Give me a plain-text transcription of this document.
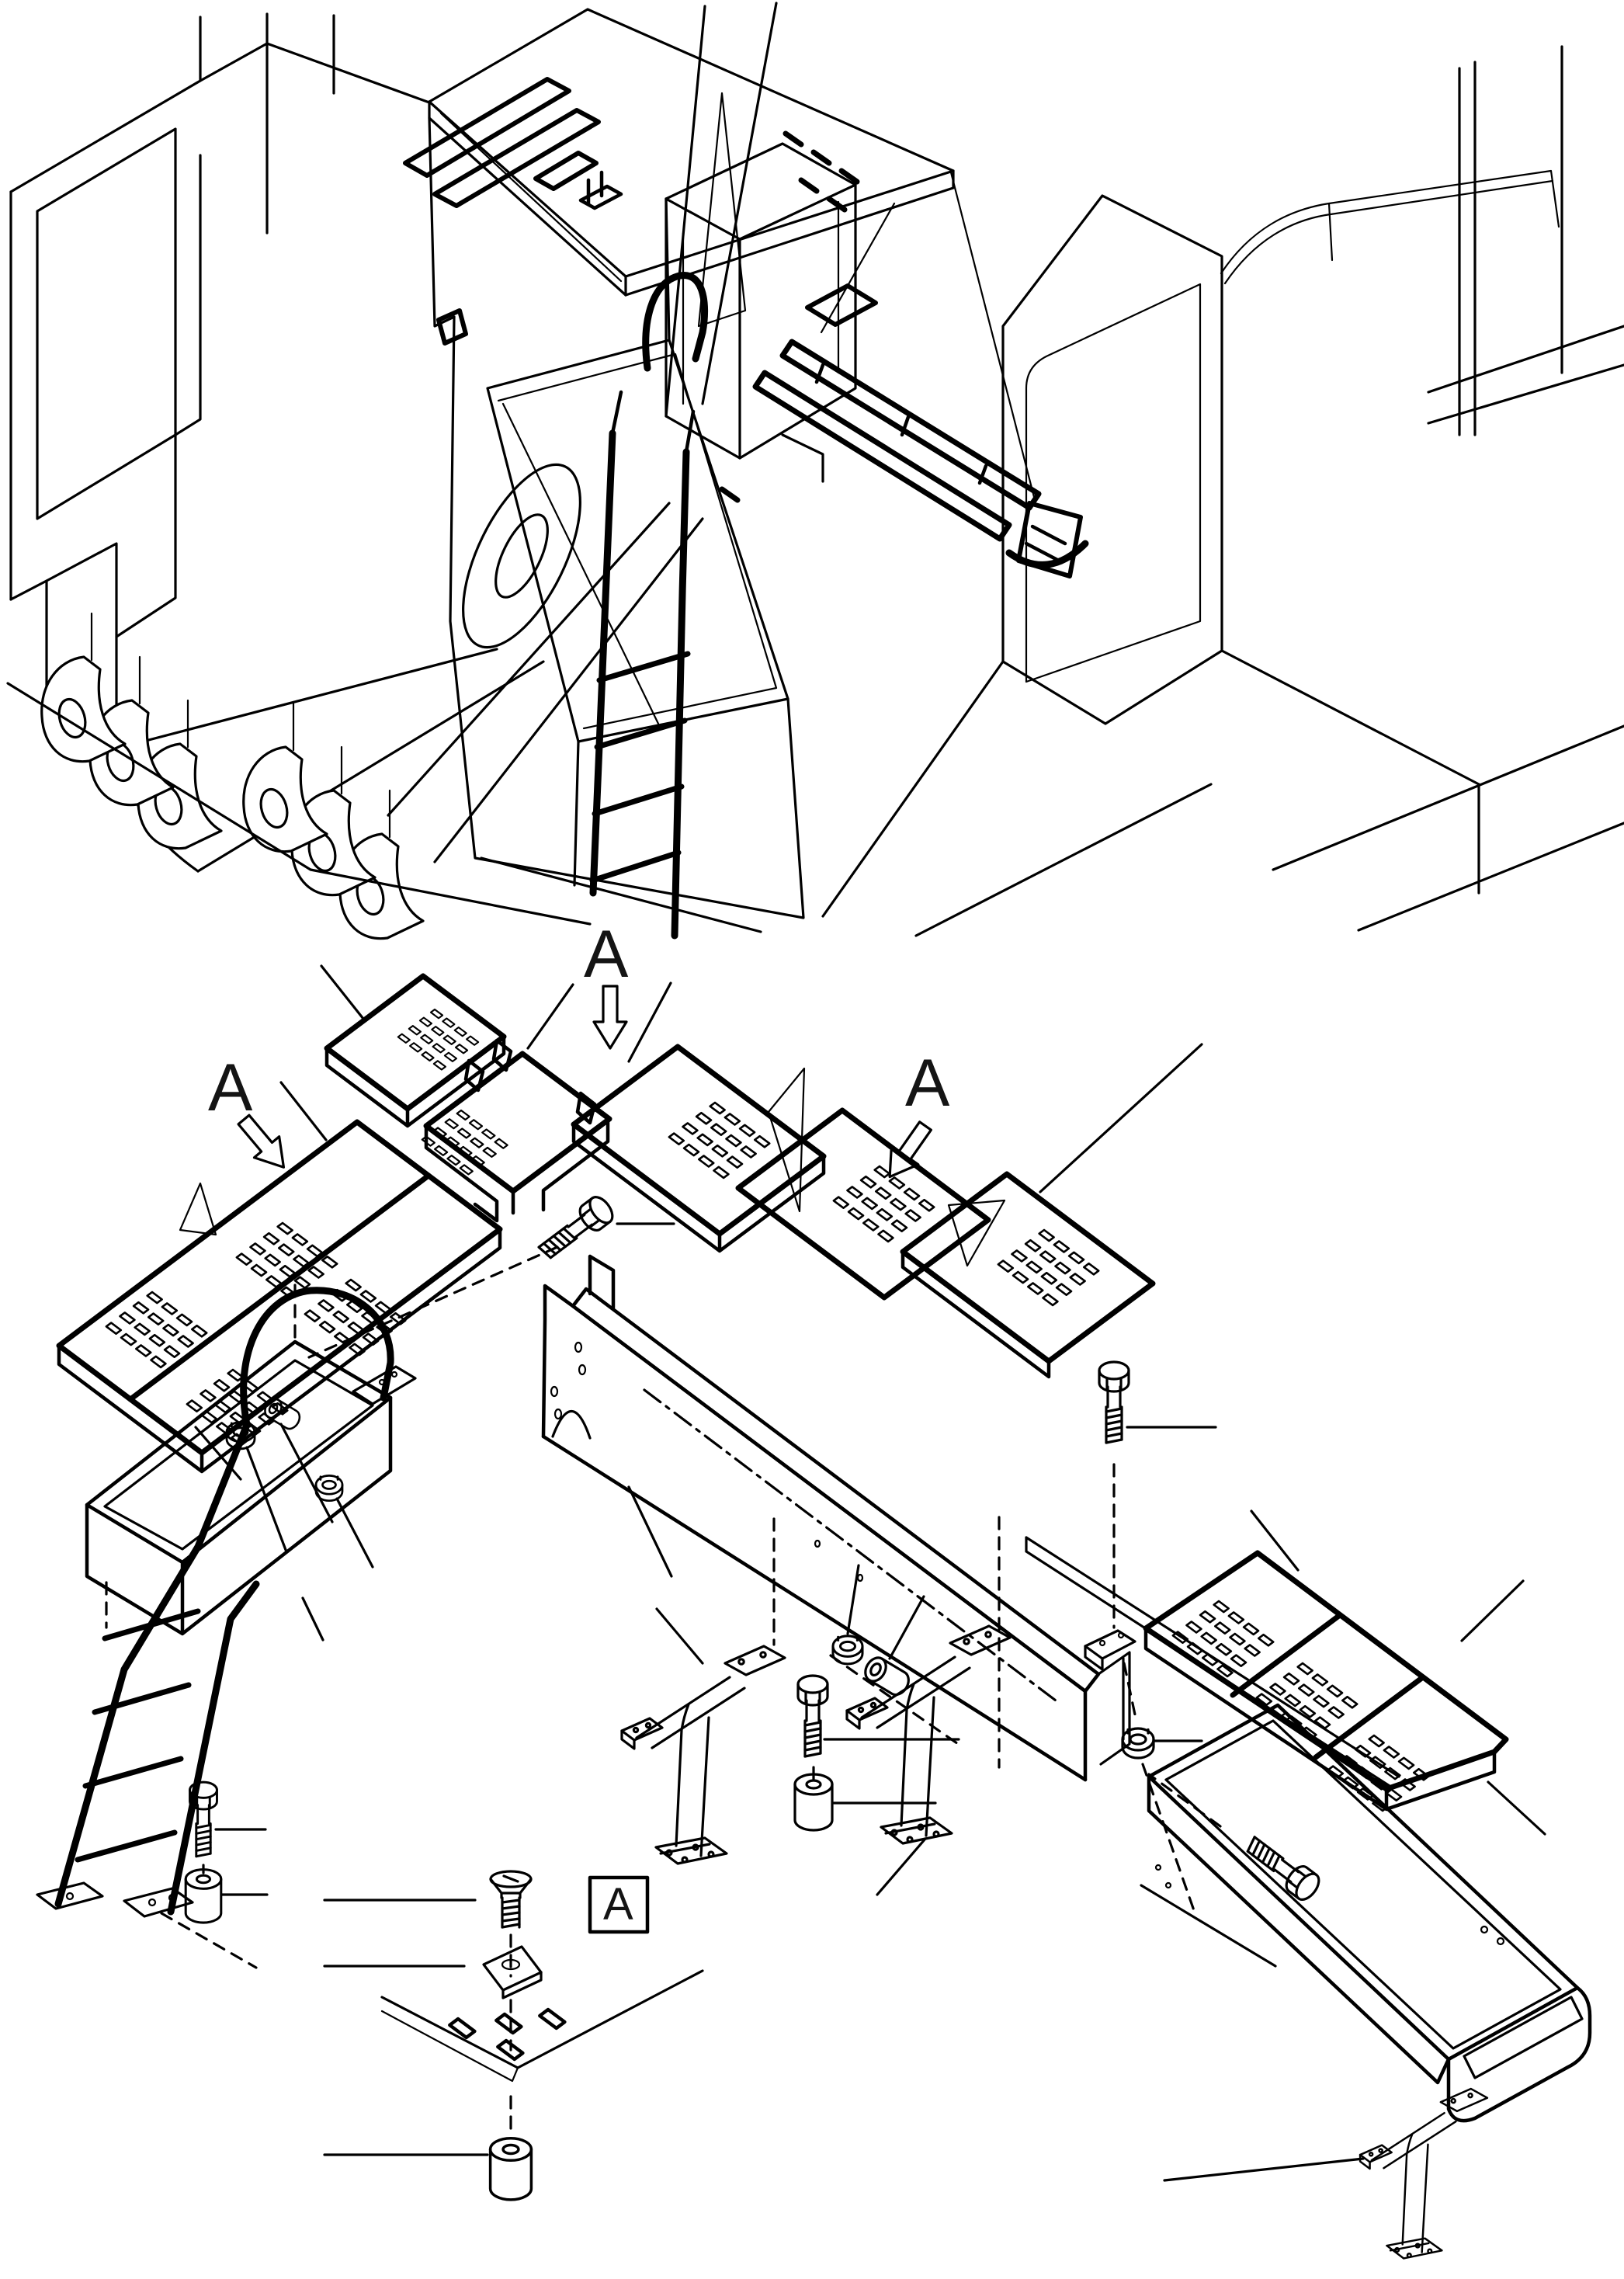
A
A	A
A
